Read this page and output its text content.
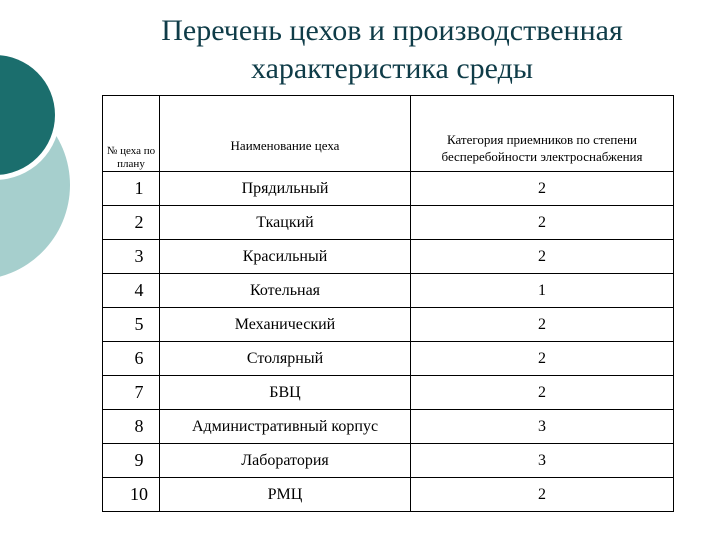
Перечень цехов и производственная
характеристика среды
№ цеха по плану	Наименование цеха	Категория приемников по степени бесперебойности электроснабжения
1	Прядильный	2
2	Ткацкий	2
3	Красильный	2
4	Котельная	1
5	Механический	2
6	Столярный	2
7	БВЦ	2
8	Административный корпус	3
9	Лаборатория	3
10	РМЦ	2
